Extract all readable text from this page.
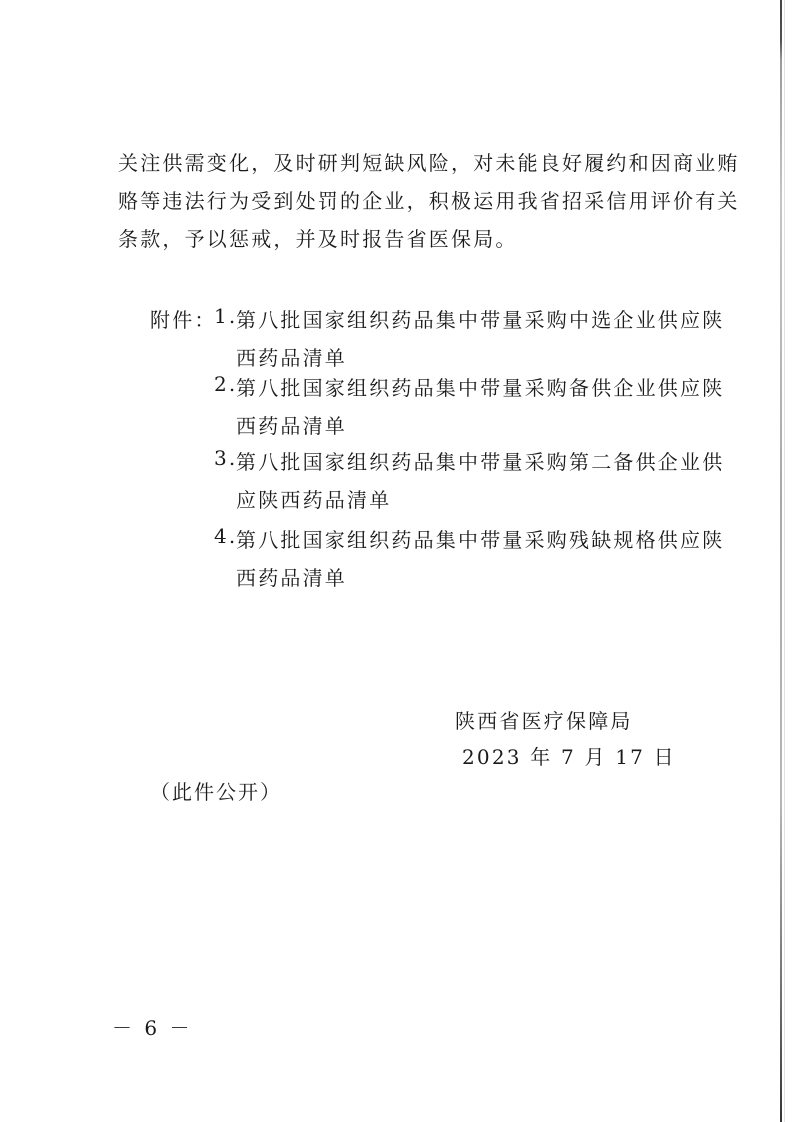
关注供需变化，及时研判短缺风险，对未能良好履约和因商业贿

赂等违法行为受到处罚的企业，积极运用我省招采信用评价有关

条款，予以惩戒，并及时报告省医保局。

附件：
1.
第八批国家组织药品集中带量采购中选企业供应陕
西药品清单
2.
第八批国家组织药品集中带量采购备供企业供应陕
西药品清单
3.
第八批国家组织药品集中带量采购第二备供企业供
应陕西药品清单
4.
第八批国家组织药品集中带量采购残缺规格供应陕
西药品清单
陕西省医疗保障局
2023 年 7 月 17 日
（此件公开）
－ 6 －
